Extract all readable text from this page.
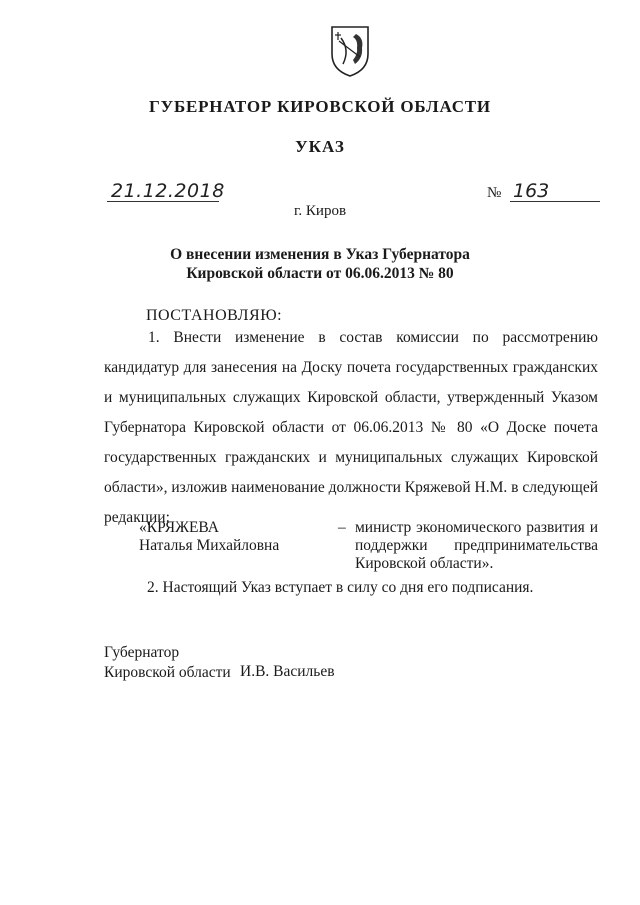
ГУБЕРНАТОР КИРОВСКОЙ ОБЛАСТИ
УКАЗ
21.12.2018	№ 163
г. Киров
О внесении изменения в Указ Губернатора
Кировской области от 06.06.2013 № 80
ПОСТАНОВЛЯЮ:
1. Внести изменение в состав комиссии по рассмотрению кандидатур для занесения на Доску почета государственных гражданских и муниципальных служащих Кировской области, утвержденный Указом Губернатора Кировской области от 06.06.2013 № 80 «О Доске почета государственных гражданских и муниципальных служащих Кировской области», изложив наименование должности Кряжевой Н.М. в следующей редакции:
«КРЯЖЕВА
Наталья Михайловна
– министр экономического развития и поддержки предпринимательства Кировской области».
2. Настоящий Указ вступает в силу со дня его подписания.
Губернатор
Кировской области И.В. Васильев
